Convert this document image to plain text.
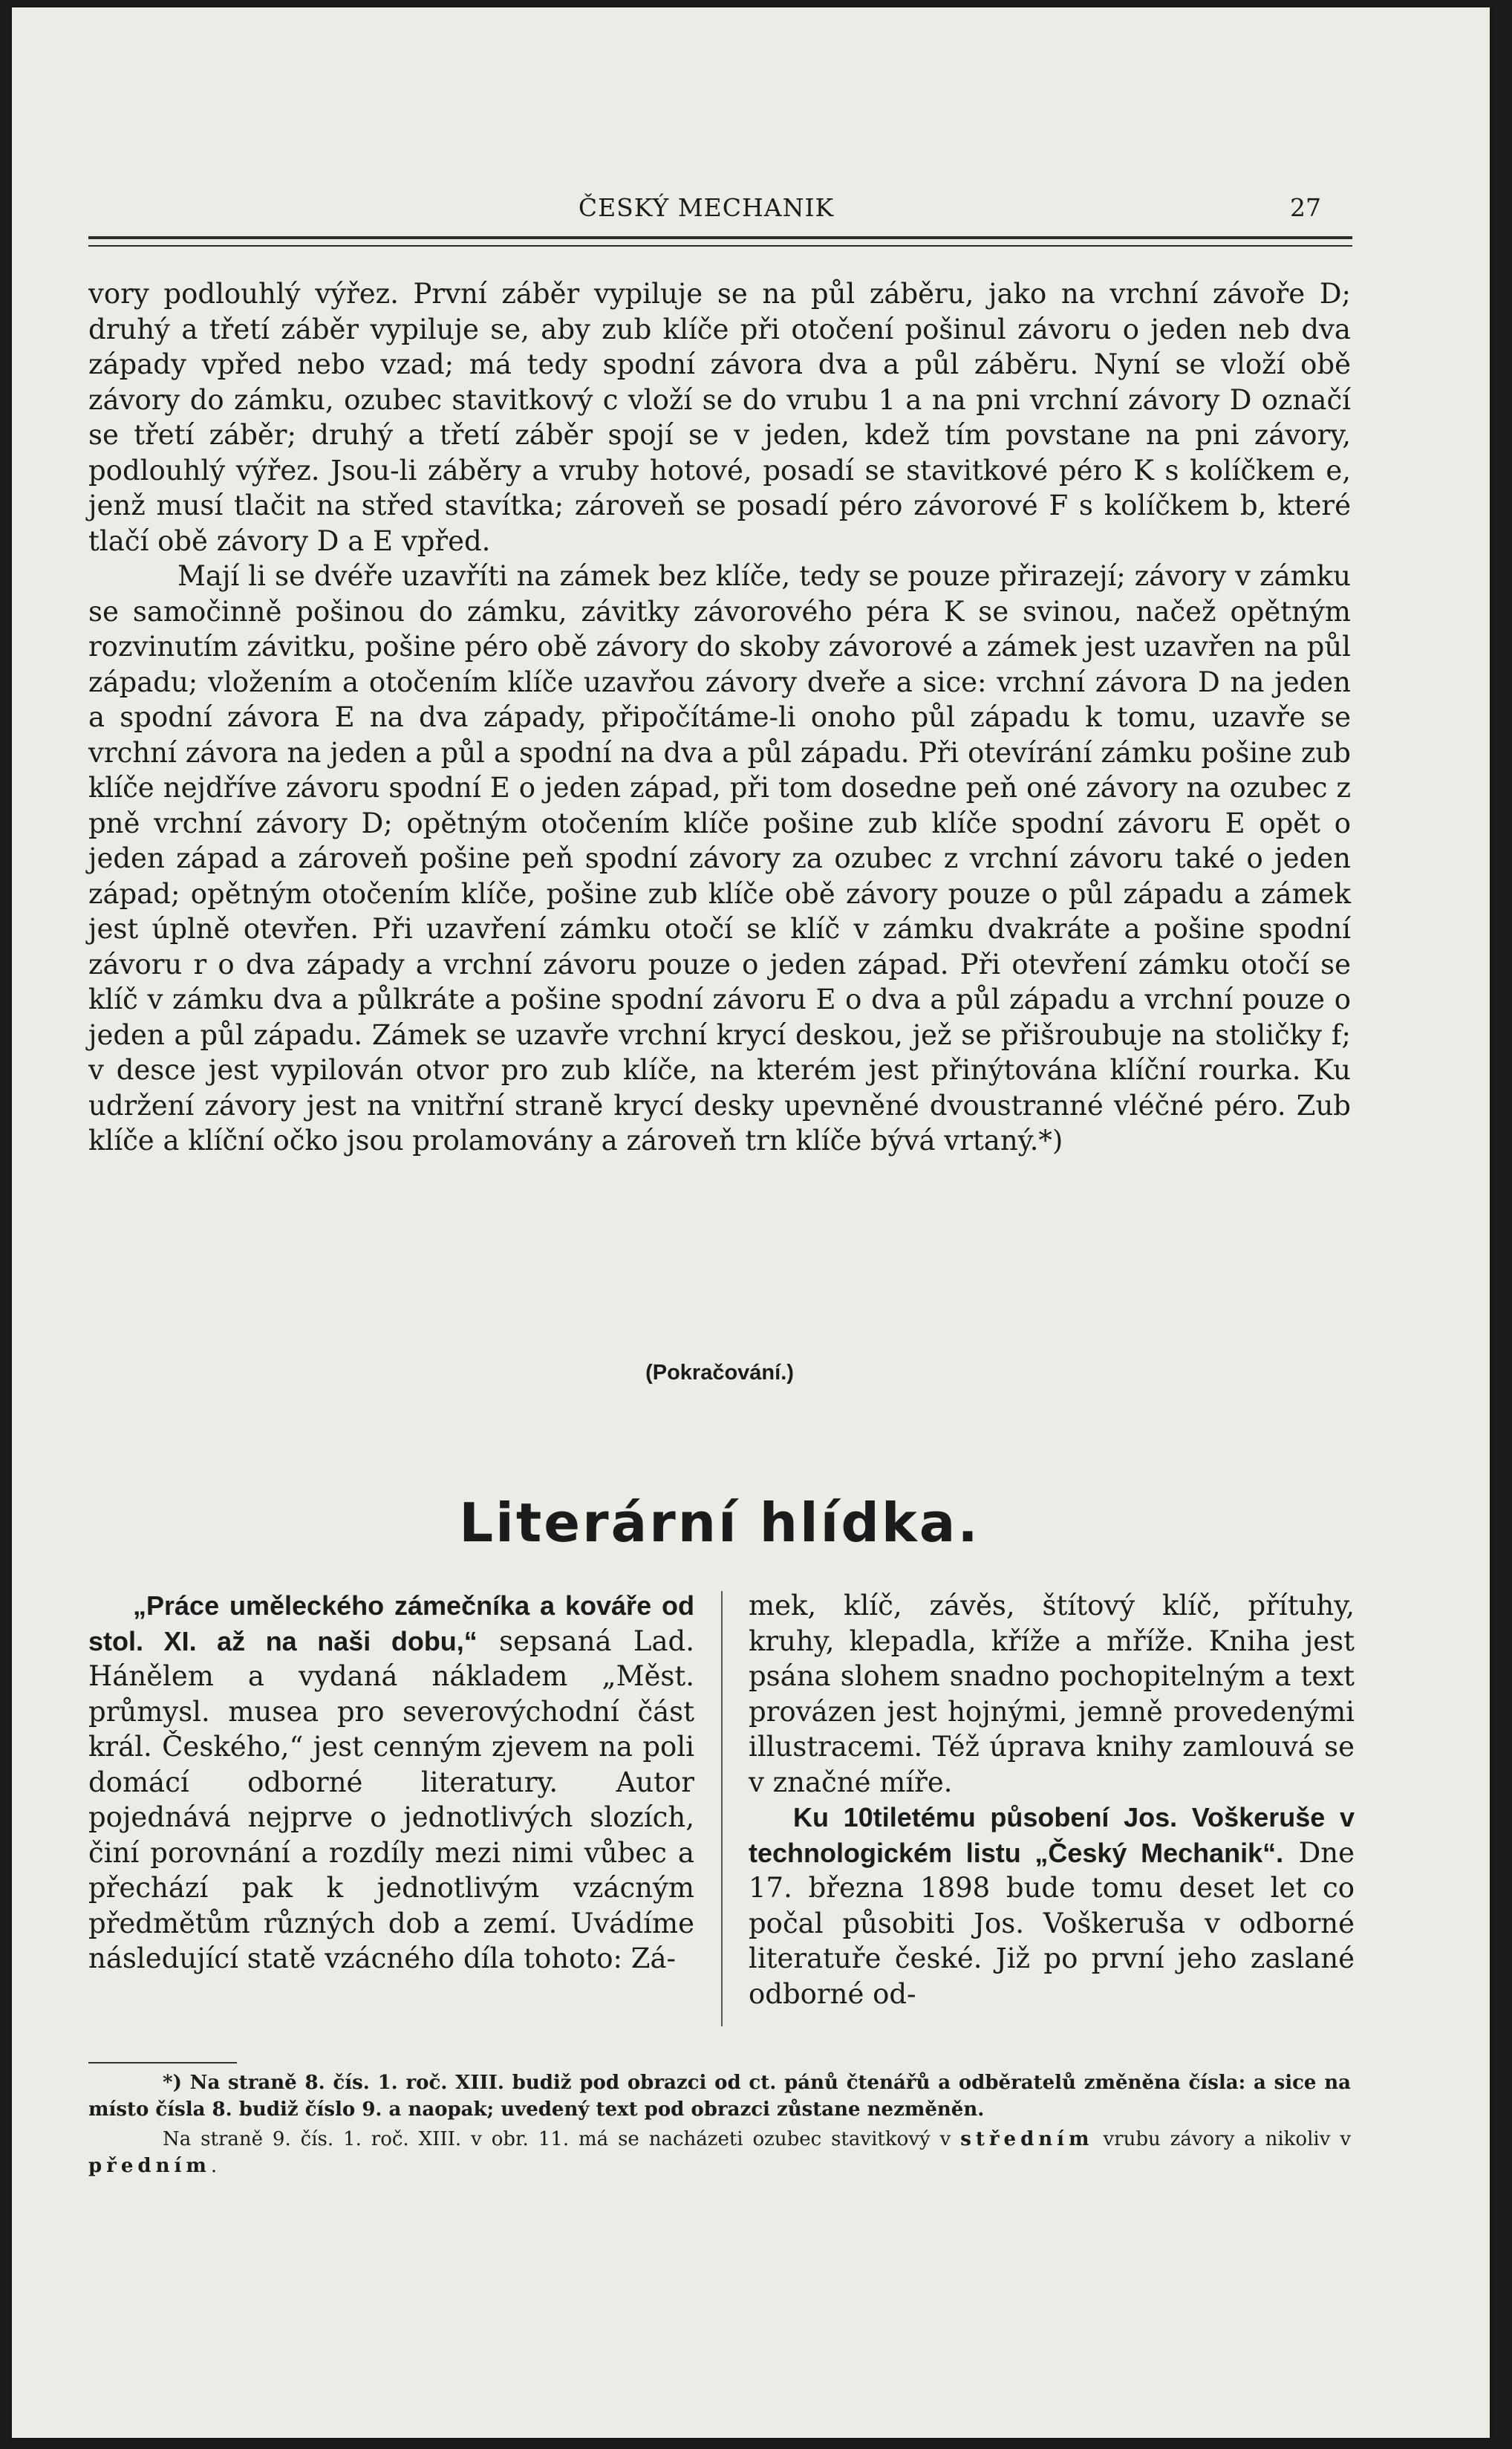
ČESKÝ MECHANIK	27

vory podlouhlý výřez. První záběr vypiluje se na půl záběru, jako na vrchní závoře D; druhý a třetí záběr vypiluje se, aby zub klíče při otočení pošinul závoru o jeden neb dva západy vpřed nebo vzad; má tedy spodní závora dva a půl záběru. Nyní se vloží obě závory do zámku, ozubec stavitkový c vloží se do vrubu 1 a na pni vrchní závory D označí se třetí záběr; druhý a třetí záběr spojí se v jeden, kdež tím povstane na pni závory, podlouhlý výřez. Jsou-li záběry a vruby hotové, posadí se stavitkové péro K s kolíčkem e, jenž musí tlačit na střed stavítka; zároveň se posadí péro závorové F s kolíčkem b, které tlačí obě závory D a E vpřed.

Mají li se dvéře uzavříti na zámek bez klíče, tedy se pouze přirazejí; závory v zámku se samočinně pošinou do zámku, závitky závorového péra K se svinou, načež opětným rozvinutím závitku, pošine péro obě závory do skoby závorové a zámek jest uzavřen na půl západu; vložením a otočením klíče uzavřou závory dveře a sice: vrchní závora D na jeden a spodní závora E na dva západy, připočítáme-li onoho půl západu k tomu, uzavře se vrchní závora na jeden a půl a spodní na dva a půl západu. Při otevírání zámku pošine zub klíče nejdříve závoru spodní E o jeden západ, při tom dosedne peň oné závory na ozubec z pně vrchní závory D; opětným otočením klíče pošine zub klíče spodní závoru E opět o jeden západ a zároveň pošine peň spodní závory za ozubec z vrchní závoru také o jeden západ; opětným otočením klíče, pošine zub klíče obě závory pouze o půl západu a zámek jest úplně otevřen. Při uzavření zámku otočí se klíč v zámku dvakráte a pošine spodní závoru r o dva západy a vrchní závoru pouze o jeden západ. Při otevření zámku otočí se klíč v zámku dva a půlkráte a pošine spodní závoru E o dva a půl západu a vrchní pouze o jeden a půl západu. Zámek se uzavře vrchní krycí deskou, jež se přišroubuje na stoličky f; v desce jest vypilován otvor pro zub klíče, na kterém jest přinýtována klíční rourka. Ku udržení závory jest na vnitřní straně krycí desky upevněné dvoustranné vléčné péro. Zub klíče a klíční očko jsou prolamovány a zároveň trn klíče bývá vrtaný.*)

(Pokračování.)
Literární hlídka.

„Práce uměleckého zámečníka a kováře od stol. XI. až na naši dobu,“ sepsaná Lad. Hánělem a vydaná nákladem „Měst. průmysl. musea pro severovýchodní část král. Českého,“ jest cenným zjevem na poli domácí odborné literatury. Autor pojednává nejprve o jednotlivých slozích, činí porovnání a rozdíly mezi nimi vůbec a přechází pak k jednotlivým vzácným předmětům různých dob a zemí. Uvádíme následující statě vzácného díla tohoto: Zá-

mek, klíč, závěs, štítový klíč, přítuhy, kruhy, klepadla, kříže a mříže. Kniha jest psána slohem snadno pochopitelným a text provázen jest hojnými, jemně provedenými illustracemi. Též úprava knihy zamlouvá se v značné míře.

Ku 10tiletému působení Jos. Voškeruše v technologickém listu „Český Mechanik“. Dne 17. března 1898 bude tomu deset let co počal působiti Jos. Voškeruša v odborné literatuře české. Již po první jeho zaslané odborné od-

*) Na straně 8. čís. 1. roč. XIII. budiž pod obrazci od ct. pánů čtenářů a odběratelů změněna čísla: a sice na místo čísla 8. budiž číslo 9. a naopak; uvedený text pod obrazci zůstane nezměněn.

Na straně 9. čís. 1. roč. XIII. v obr. 11. má se nacházeti ozubec stavitkový v středním vrubu závory a nikoliv v předním.
